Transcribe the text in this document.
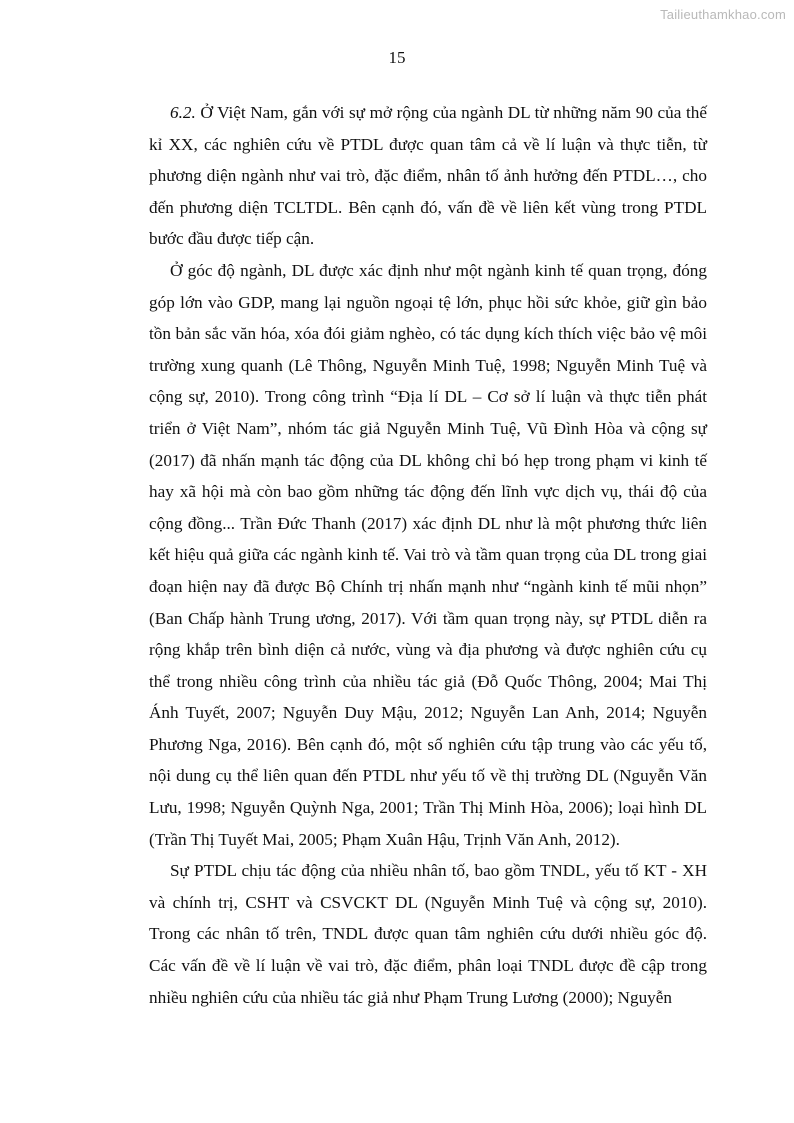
Tailieuthamkhao.com
15

6.2. Ở Việt Nam, gắn với sự mở rộng của ngành DL từ những năm 90 của thế kỉ XX, các nghiên cứu về PTDL được quan tâm cả về lí luận và thực tiễn, từ phương diện ngành như vai trò, đặc điểm, nhân tố ảnh hưởng đến PTDL…, cho đến phương diện TCLTDL. Bên cạnh đó, vấn đề về liên kết vùng trong PTDL bước đầu được tiếp cận.

Ở góc độ ngành, DL được xác định như một ngành kinh tế quan trọng, đóng góp lớn vào GDP, mang lại nguồn ngoại tệ lớn, phục hồi sức khỏe, giữ gìn bảo tồn bản sắc văn hóa, xóa đói giảm nghèo, có tác dụng kích thích việc bảo vệ môi trường xung quanh (Lê Thông, Nguyễn Minh Tuệ, 1998; Nguyễn Minh Tuệ và cộng sự, 2010). Trong công trình “Địa lí DL – Cơ sở lí luận và thực tiễn phát triển ở Việt Nam”, nhóm tác giả Nguyễn Minh Tuệ, Vũ Đình Hòa và cộng sự (2017) đã nhấn mạnh tác động của DL không chỉ bó hẹp trong phạm vi kinh tế hay xã hội mà còn bao gồm những tác động đến lĩnh vực dịch vụ, thái độ của cộng đồng... Trần Đức Thanh (2017) xác định DL như là một phương thức liên kết hiệu quả giữa các ngành kinh tế. Vai trò và tầm quan trọng của DL trong giai đoạn hiện nay đã được Bộ Chính trị nhấn mạnh như “ngành kinh tế mũi nhọn” (Ban Chấp hành Trung ương, 2017). Với tầm quan trọng này, sự PTDL diễn ra rộng khắp trên bình diện cả nước, vùng và địa phương và được nghiên cứu cụ thể trong nhiều công trình của nhiều tác giả (Đỗ Quốc Thông, 2004; Mai Thị Ánh Tuyết, 2007; Nguyễn Duy Mậu, 2012; Nguyễn Lan Anh, 2014; Nguyễn Phương Nga, 2016). Bên cạnh đó, một số nghiên cứu tập trung vào các yếu tố, nội dung cụ thể liên quan đến PTDL như yếu tố về thị trường DL (Nguyễn Văn Lưu, 1998; Nguyễn Quỳnh Nga, 2001; Trần Thị Minh Hòa, 2006); loại hình DL (Trần Thị Tuyết Mai, 2005; Phạm Xuân Hậu, Trịnh Văn Anh, 2012).

Sự PTDL chịu tác động của nhiều nhân tố, bao gồm TNDL, yếu tố KT - XH và chính trị, CSHT và CSVCKT DL (Nguyễn Minh Tuệ và cộng sự, 2010). Trong các nhân tố trên, TNDL được quan tâm nghiên cứu dưới nhiều góc độ. Các vấn đề về lí luận về vai trò, đặc điểm, phân loại TNDL được đề cập trong nhiều nghiên cứu của nhiều tác giả như Phạm Trung Lương (2000); Nguyễn
